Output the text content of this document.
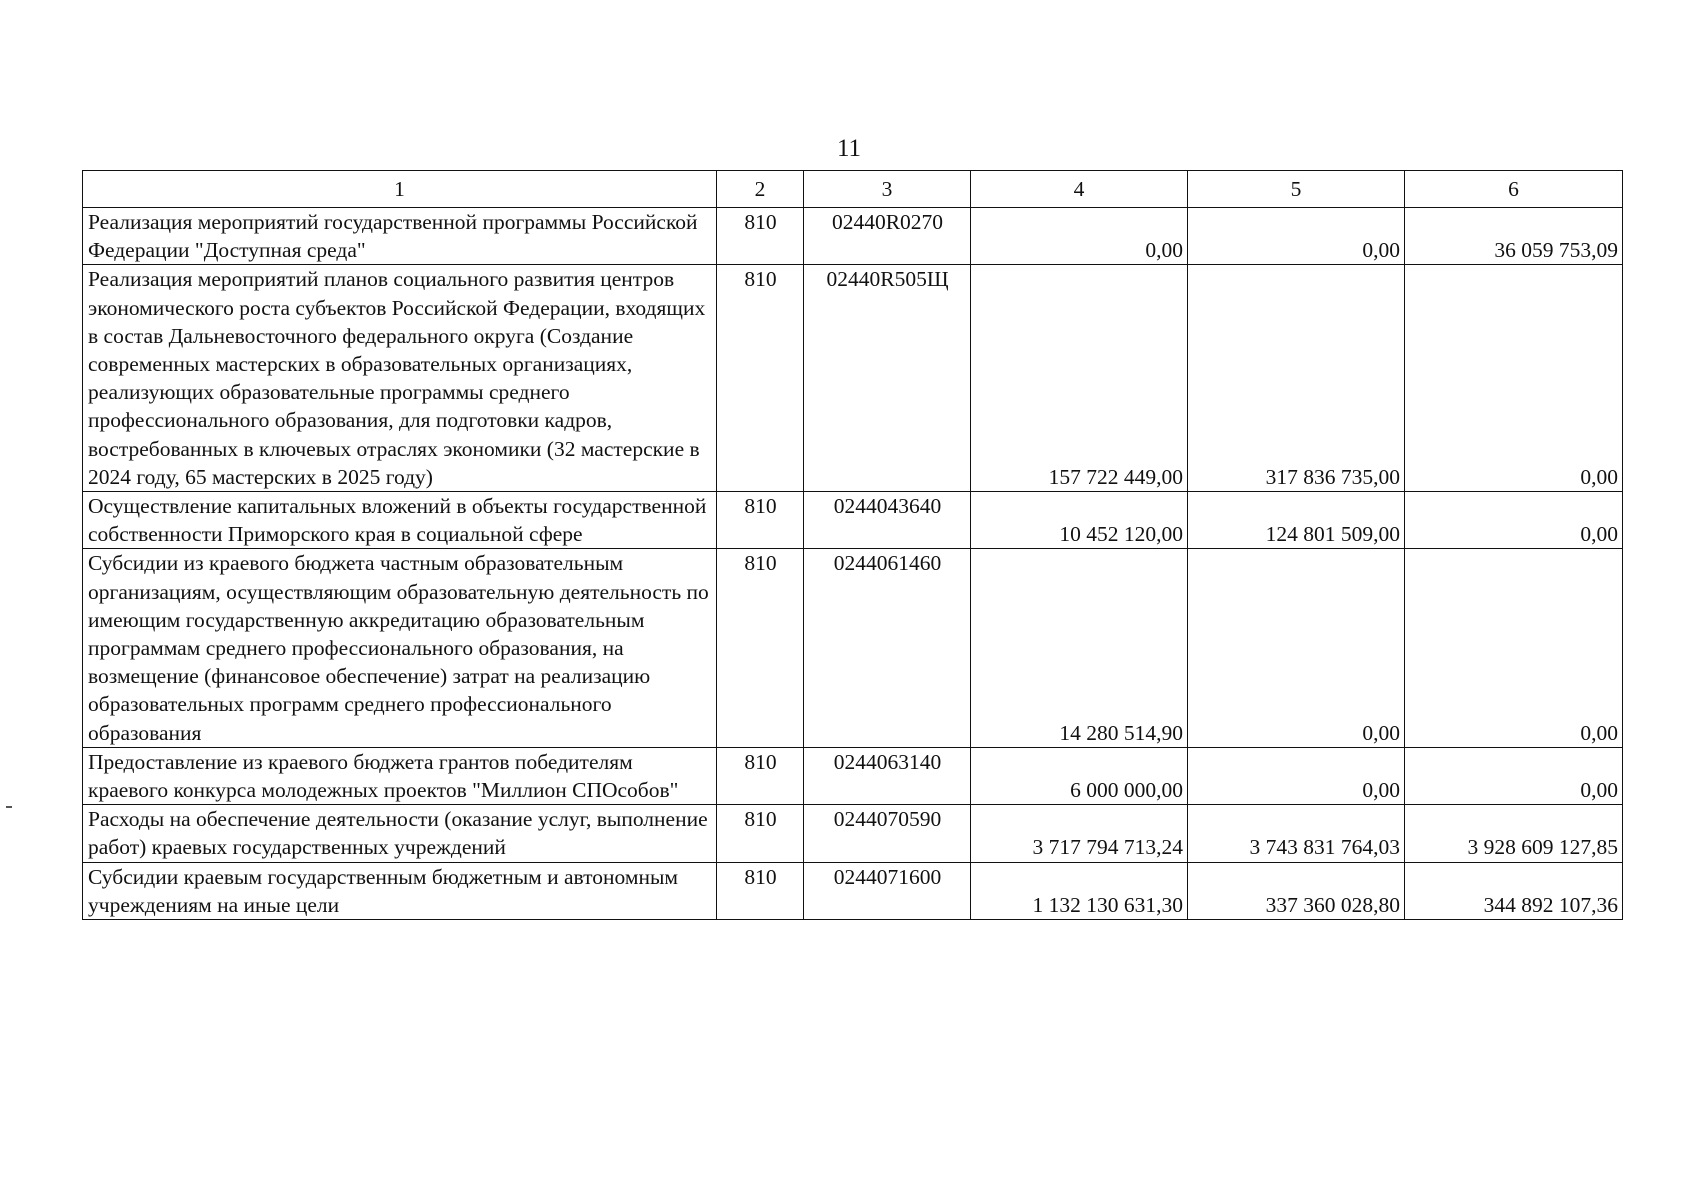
11
1	2	3	4	5	6
Реализация мероприятий государственной программы Российской Федерации "Доступная среда"	810	02440R0270	0,00	0,00	36 059 753,09
Реализация мероприятий планов социального развития центров экономического роста субъектов Российской Федерации, входящих в состав Дальневосточного федерального округа (Создание современных мастерских в образовательных организациях, реализующих образовательные программы среднего профессионального образования, для подготовки кадров, востребованных в ключевых отраслях экономики (32 мастерские в 2024 году, 65 мастерских в 2025 году)	810	02440R505Щ	157 722 449,00	317 836 735,00	0,00
Осуществление капитальных вложений в объекты государственной собственности Приморского края в социальной сфере	810	0244043640	10 452 120,00	124 801 509,00	0,00
Субсидии из краевого бюджета частным образовательным организациям, осуществляющим образовательную деятельность по имеющим государственную аккредитацию образовательным программам среднего профессионального образования, на возмещение (финансовое обеспечение) затрат на реализацию образовательных программ среднего профессионального образования	810	0244061460	14 280 514,90	0,00	0,00
Предоставление из краевого бюджета грантов победителям краевого конкурса молодежных проектов "Миллион СПОсобов"	810	0244063140	6 000 000,00	0,00	0,00
Расходы на обеспечение деятельности (оказание услуг, выполнение работ) краевых государственных учреждений	810	0244070590	3 717 794 713,24	3 743 831 764,03	3 928 609 127,85
Субсидии краевым государственным бюджетным и автономным учреждениям на иные цели	810	0244071600	1 132 130 631,30	337 360 028,80	344 892 107,36
